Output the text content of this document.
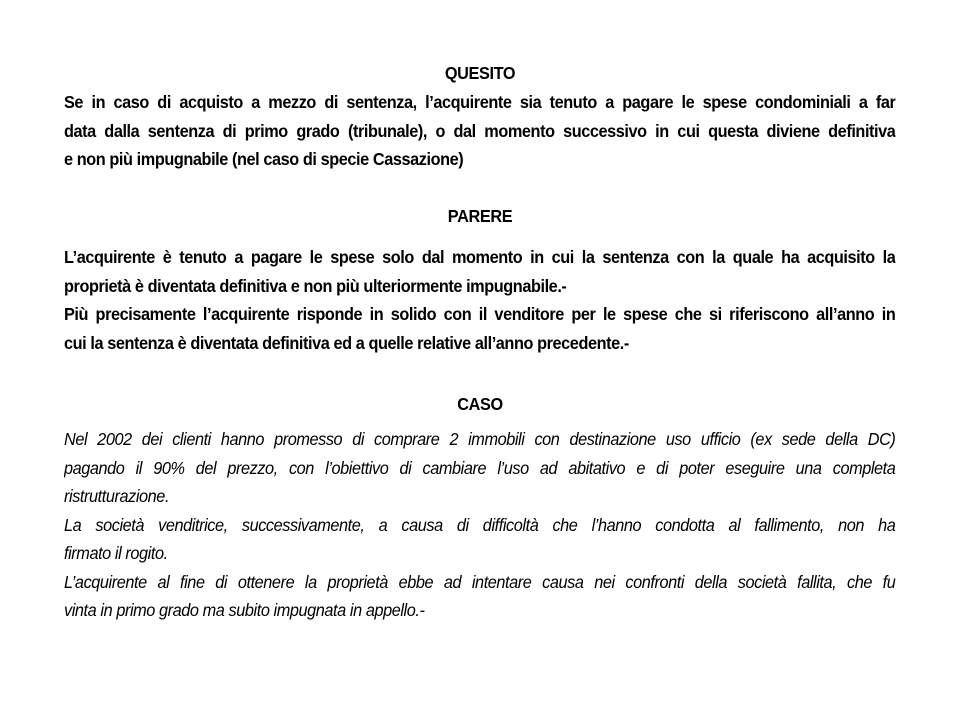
QUESITO
Se in caso di acquisto a mezzo di sentenza, l’acquirente sia tenuto a pagare le spese condominiali a far
data dalla sentenza di primo grado (tribunale), o dal momento successivo in cui questa diviene definitiva
e non più impugnabile (nel caso di specie Cassazione)
PARERE
L’acquirente è tenuto a pagare le spese solo dal momento in cui la sentenza con la quale ha acquisito la
proprietà è diventata definitiva e non più ulteriormente impugnabile.-
Più precisamente l’acquirente risponde in solido con il venditore per le spese che si riferiscono all’anno in
cui la sentenza è diventata definitiva ed a quelle relative all’anno precedente.-
CASO
Nel 2002 dei clienti hanno promesso di comprare 2 immobili con destinazione uso ufficio (ex sede della DC)
pagando il 90% del prezzo, con l’obiettivo di cambiare l’uso ad abitativo e di poter eseguire una completa
ristrutturazione.
La società venditrice, successivamente, a causa di difficoltà che l’hanno condotta al fallimento, non ha
firmato il rogito.
L’acquirente al fine di ottenere la proprietà ebbe ad intentare causa nei confronti della società fallita, che fu
vinta in primo grado ma subito impugnata in appello.-
